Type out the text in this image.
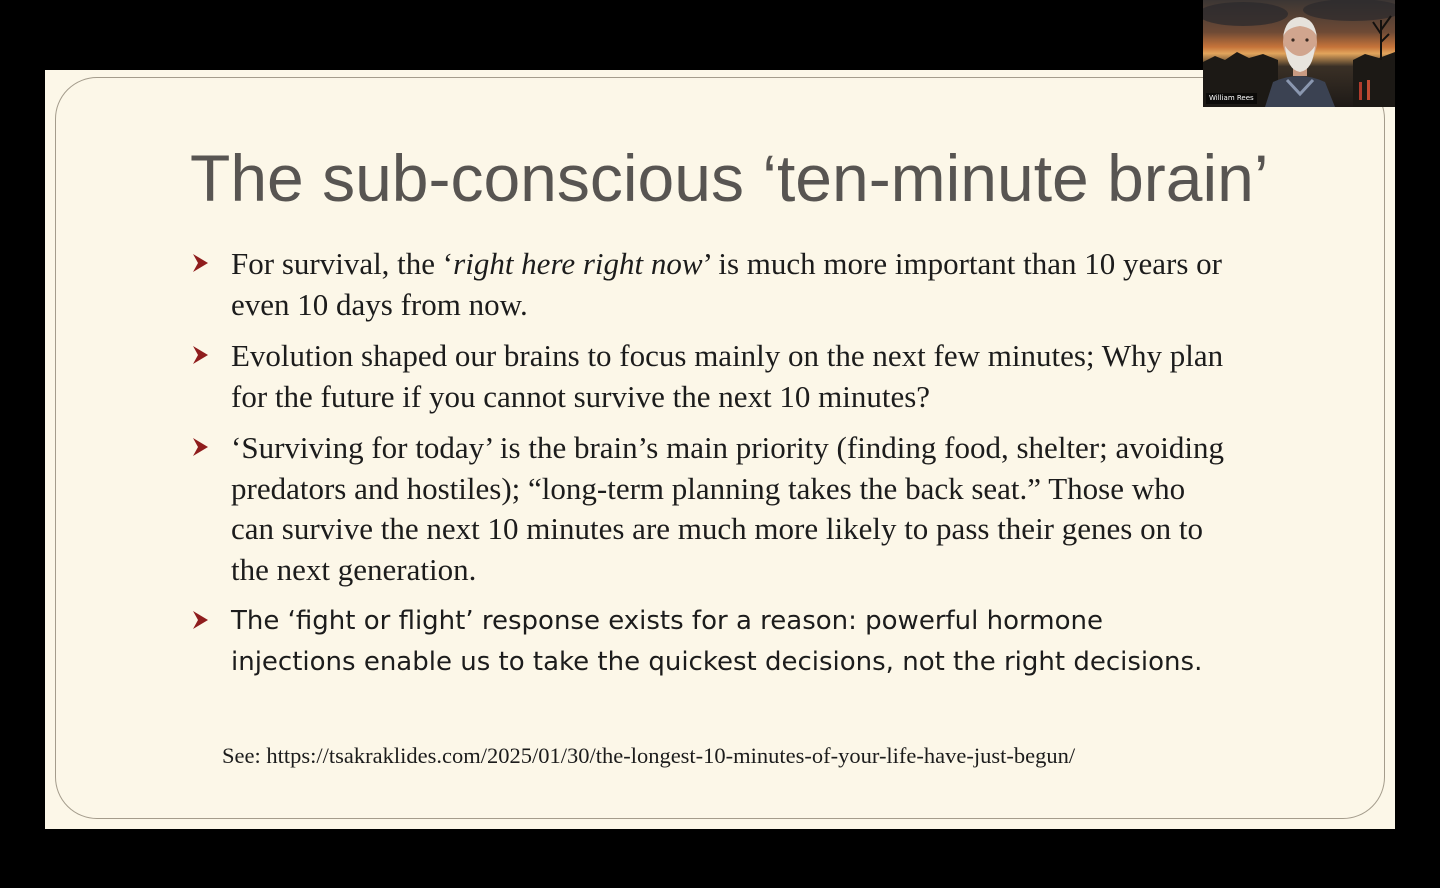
The sub-conscious ‘ten-minute brain’
For survival, the ‘right here right now’ is much more important than 10 years or even 10 days from now.
Evolution shaped our brains to focus mainly on the next few minutes; Why plan for the future if you cannot survive the next 10 minutes?
‘Surviving for today’ is the brain’s main priority (finding food, shelter; avoiding predators and hostiles); “long-term planning takes the back seat.” Those who can survive the next 10 minutes are much more likely to pass their genes on to the next generation.
The ‘fight or flight’ response exists for a reason: powerful hormone injections enable us to take the quickest decisions, not the right decisions.

See: https://tsakraklides.com/2025/01/30/the-longest-10-minutes-of-your-life-have-just-begun/

William Rees
